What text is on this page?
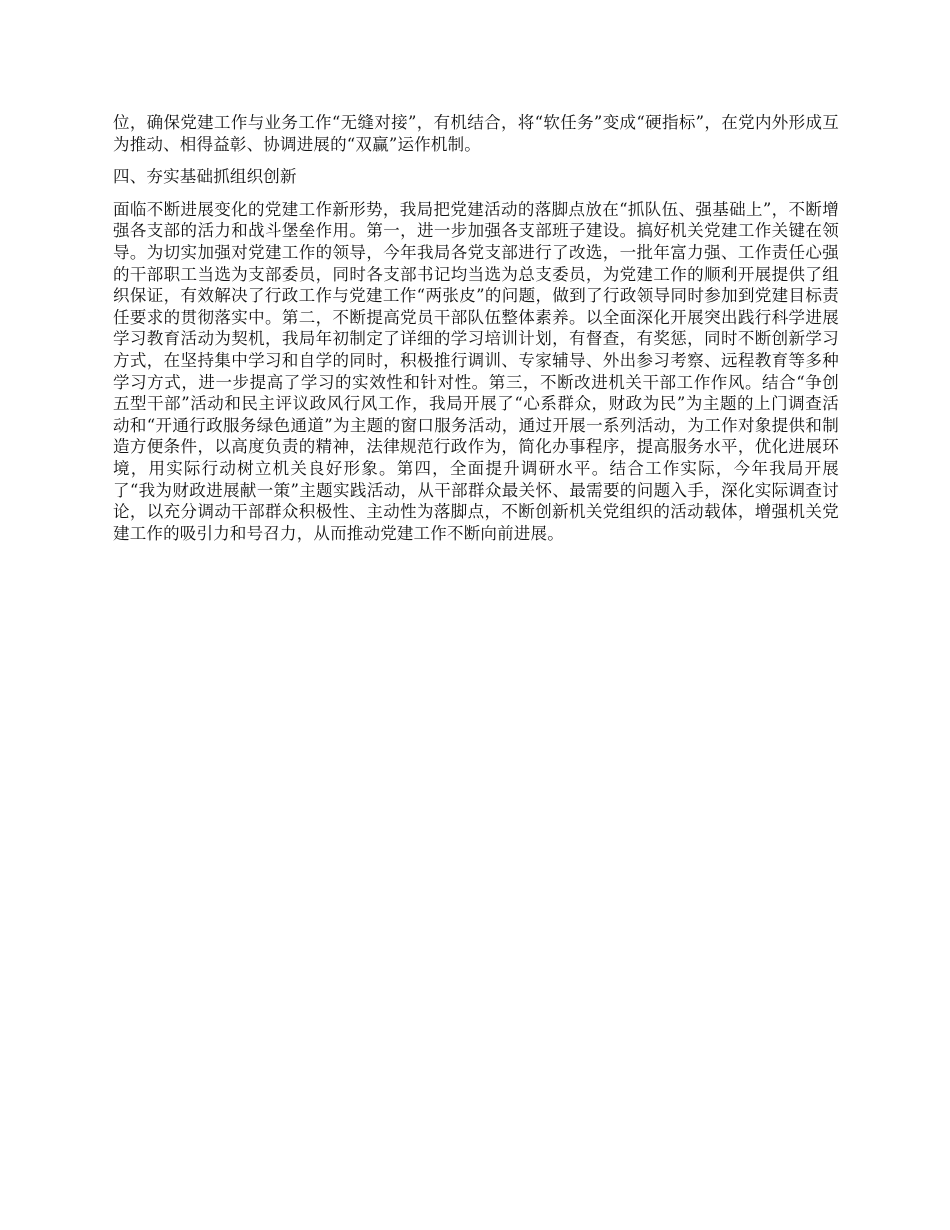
位，确保党建工作与业务工作“无缝对接”，有机结合，将“软任务”变成“硬指标”，在党内外形成互为推动、相得益彰、协调进展的“双赢”运作机制。

四、夯实基础抓组织创新

面临不断进展变化的党建工作新形势，我局把党建活动的落脚点放在“抓队伍、强基础上”，不断增强各支部的活力和战斗堡垒作用。第一，进一步加强各支部班子建设。搞好机关党建工作关键在领导。为切实加强对党建工作的领导，今年我局各党支部进行了改选，一批年富力强、工作责任心强的干部职工当选为支部委员，同时各支部书记均当选为总支委员，为党建工作的顺利开展提供了组织保证，有效解决了行政工作与党建工作“两张皮”的问题，做到了行政领导同时参加到党建目标责任要求的贯彻落实中。第二，不断提高党员干部队伍整体素养。以全面深化开展突出践行科学进展学习教育活动为契机，我局年初制定了详细的学习培训计划，有督查，有奖惩，同时不断创新学习方式，在坚持集中学习和自学的同时，积极推行调训、专家辅导、外出参习考察、远程教育等多种学习方式，进一步提高了学习的实效性和针对性。第三，不断改进机关干部工作作风。结合“争创五型干部”活动和民主评议政风行风工作，我局开展了“心系群众，财政为民”为主题的上门调查活动和“开通行政服务绿色通道”为主题的窗口服务活动，通过开展一系列活动，为工作对象提供和制造方便条件，以高度负责的精神，法律规范行政作为，简化办事程序，提高服务水平，优化进展环境，用实际行动树立机关良好形象。第四，全面提升调研水平。结合工作实际，今年我局开展了“我为财政进展献一策”主题实践活动，从干部群众最关怀、最需要的问题入手，深化实际调查讨论，以充分调动干部群众积极性、主动性为落脚点，不断创新机关党组织的活动载体，增强机关党建工作的吸引力和号召力，从而推动党建工作不断向前进展。
